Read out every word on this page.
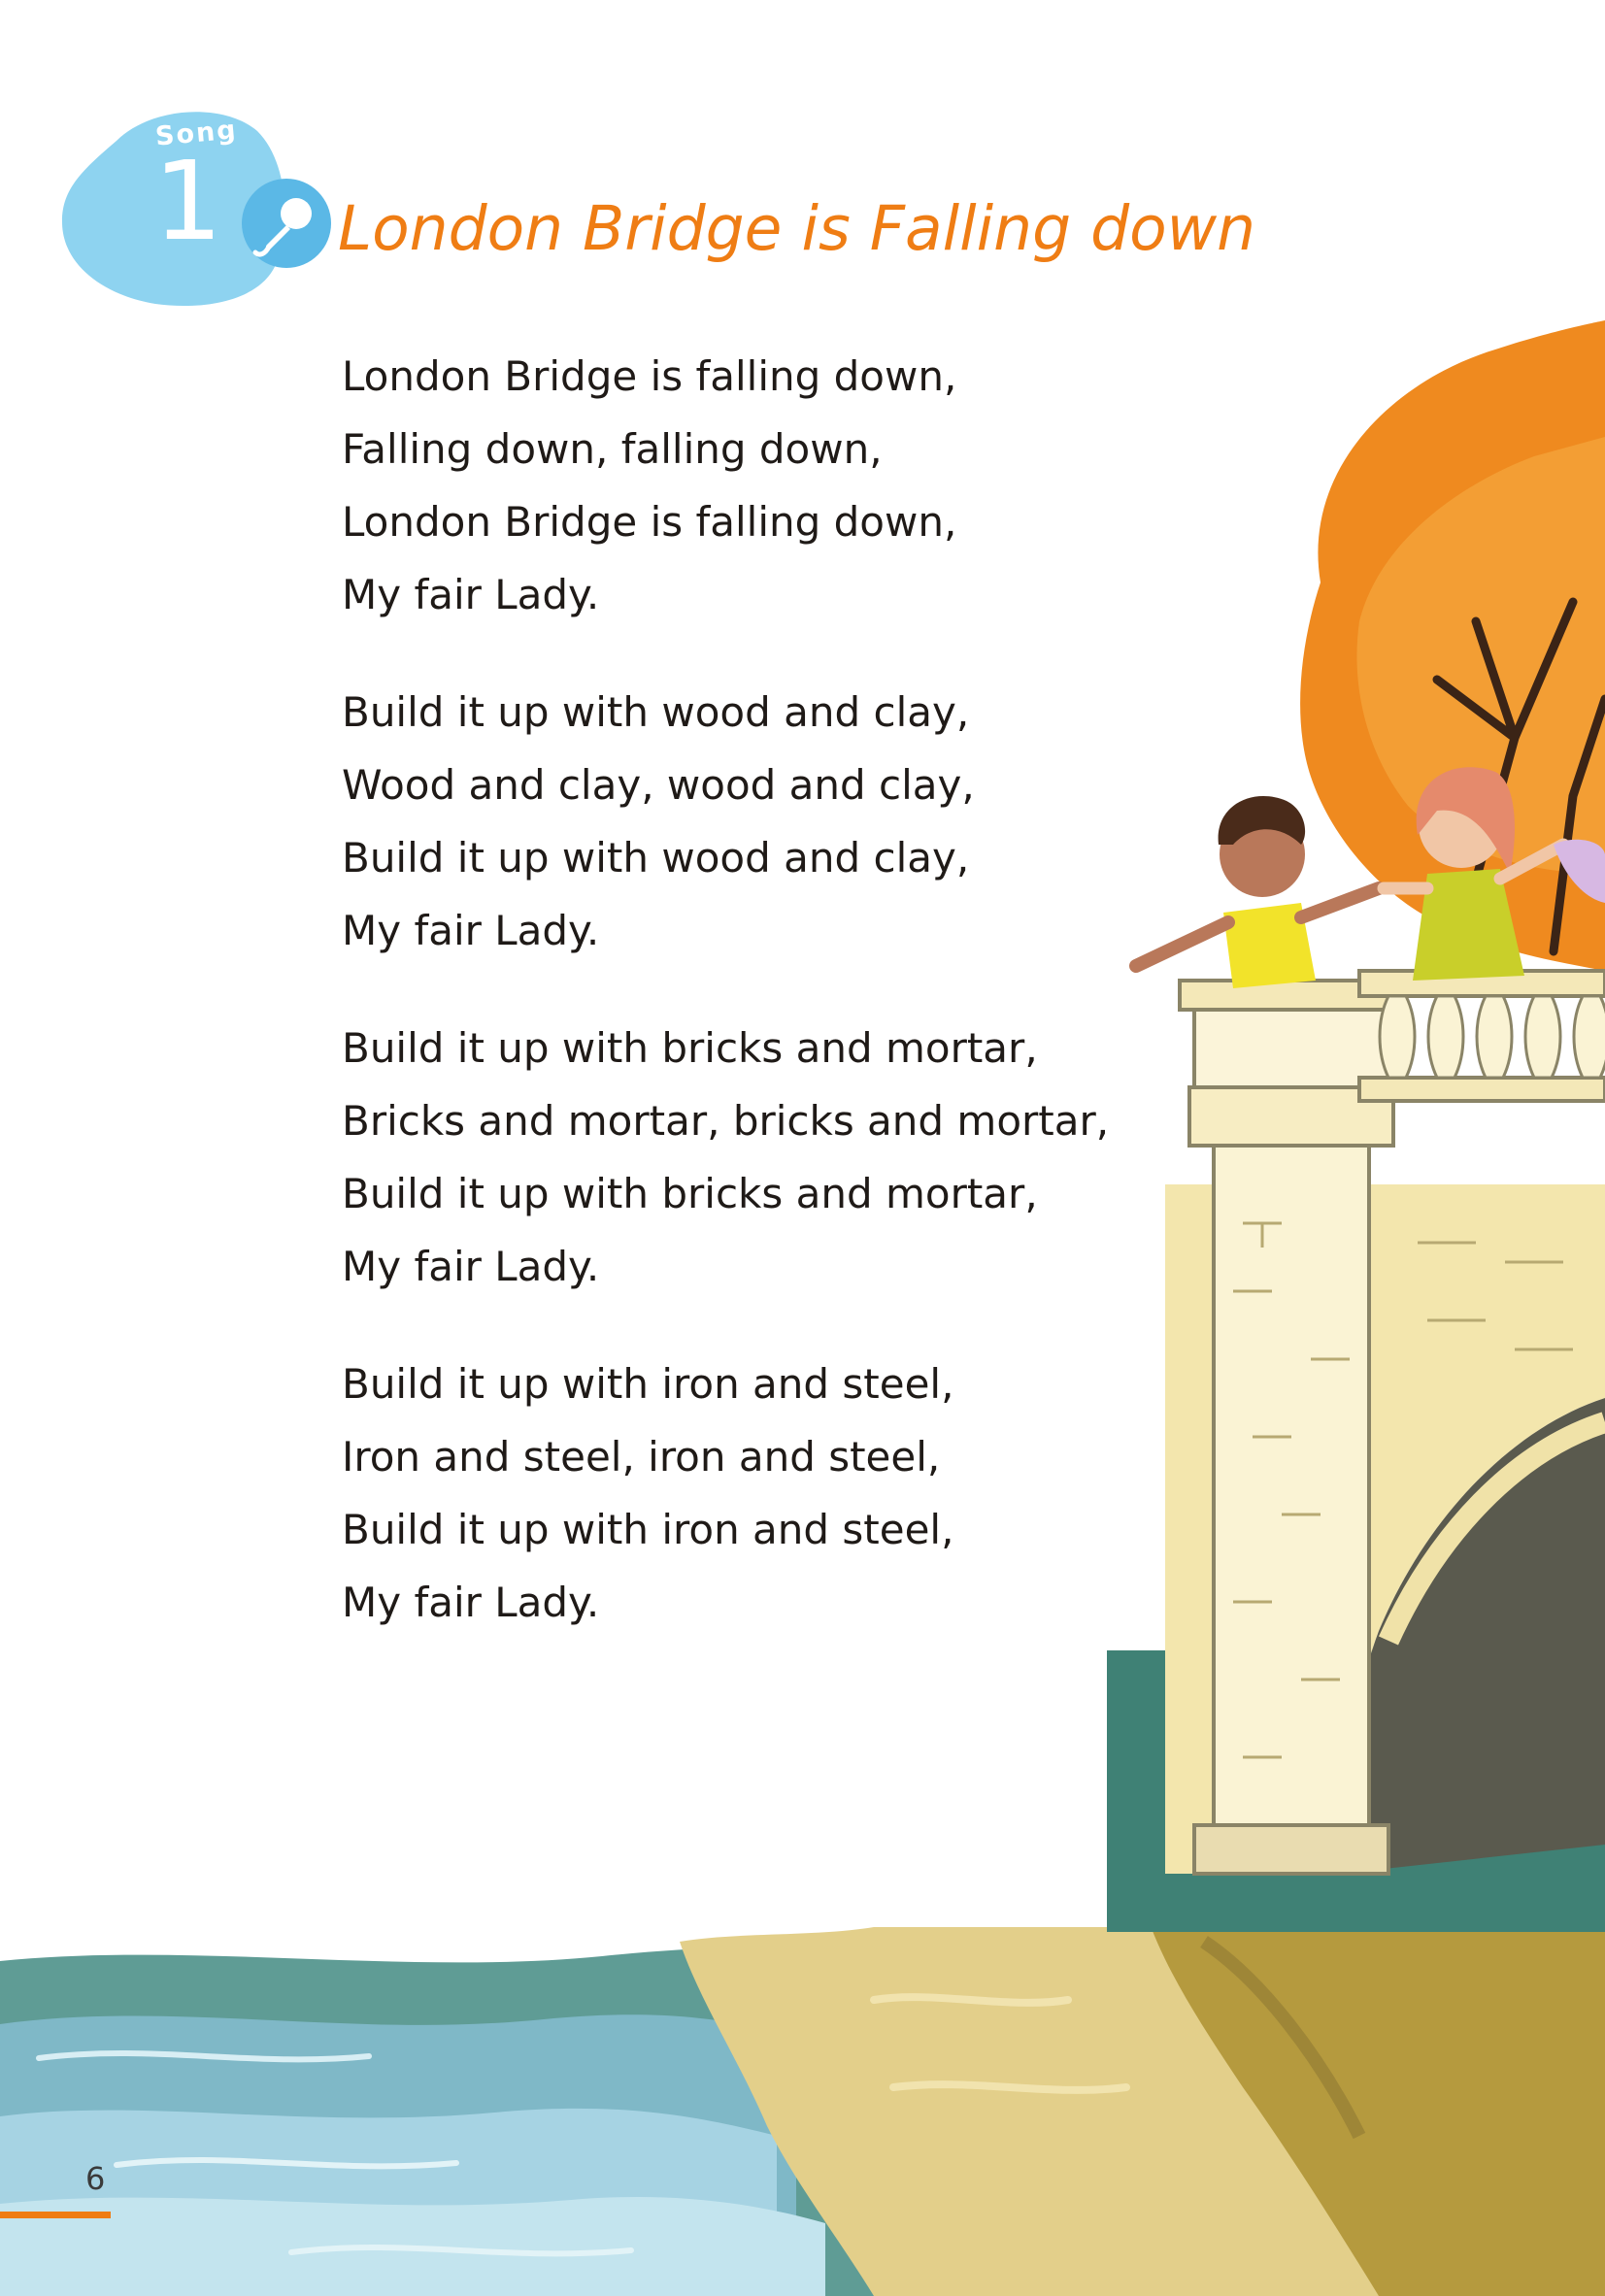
Song
1 London Bridge is Falling down
London Bridge is falling down,
Falling down, falling down,
London Bridge is falling down,
My fair Lady.
Build it up with wood and clay,
Wood and clay, wood and clay,
Build it up with wood and clay,
My fair Lady.
Build it up with bricks and mortar,
Bricks and mortar, bricks and mortar,
Build it up with bricks and mortar,
My fair Lady.
Build it up with iron and steel,
Iron and steel, iron and steel,
Build it up with iron and steel,
My fair Lady.
6
